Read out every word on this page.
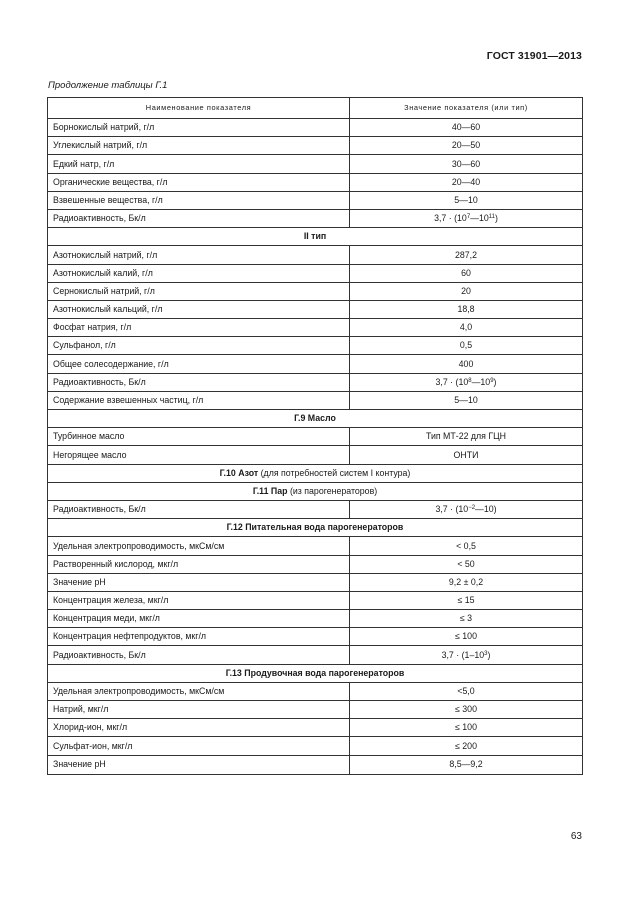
ГОСТ 31901—2013
Продолжение таблицы Г.1
Наименование показателя	Значение показателя (или тип)
Борнокислый натрий, г/л	40—60
Углекислый натрий, г/л	20—50
Едкий натр, г/л	30—60
Органические вещества, г/л	20—40
Взвешенные вещества, г/л	5—10
Радиоактивность, Бк/л	$3,7 \cdot (10^7—10^{11})$
II тип	
Азотнокислый натрий, г/л	287,2
Азотнокислый калий, г/л	60
Сернокислый натрий, г/л	20
Азотнокислый кальций, г/л	18,8
Фосфат натрия, г/л	4,0
Сульфанол, г/л	0,5
Общее солесодержание, г/л	400
Радиоактивность, Бк/л	$3,7 \cdot (10^8—10^9)$
Содержание взвешенных частиц, г/л	5—10
Г.9 Масло	
Турбинное масло	Тип МТ-22 для ГЦН
Негорящее масло	ОНТИ
Г.10 Азот (для потребностей систем I контура)	
Г.11 Пар (из парогенераторов)	
Радиоактивность, Бк/л	$3,7 \cdot (10^{-2}—10)$
Г.12 Питательная вода парогенераторов	
Удельная электропроводимость, мкСм/см	< 0,5
Растворенный кислород, мкг/л	< 50
Значение pH	9,2 ± 0,2
Концентрация железа, мкг/л	≤ 15
Концентрация меди, мкг/л	≤ 3
Концентрация нефтепродуктов, мкг/л	≤ 100
Радиоактивность, Бк/л	$3,7 \cdot (1-10^3)$
Г.13 Продувочная вода парогенераторов	
Удельная электропроводимость, мкСм/см	<5,0
Натрий, мкг/л	≤ 300
Хлорид-ион, мкг/л	≤ 100
Сульфат-ион, мкг/л	≤ 200
Значение pH	8,5—9,2
63
